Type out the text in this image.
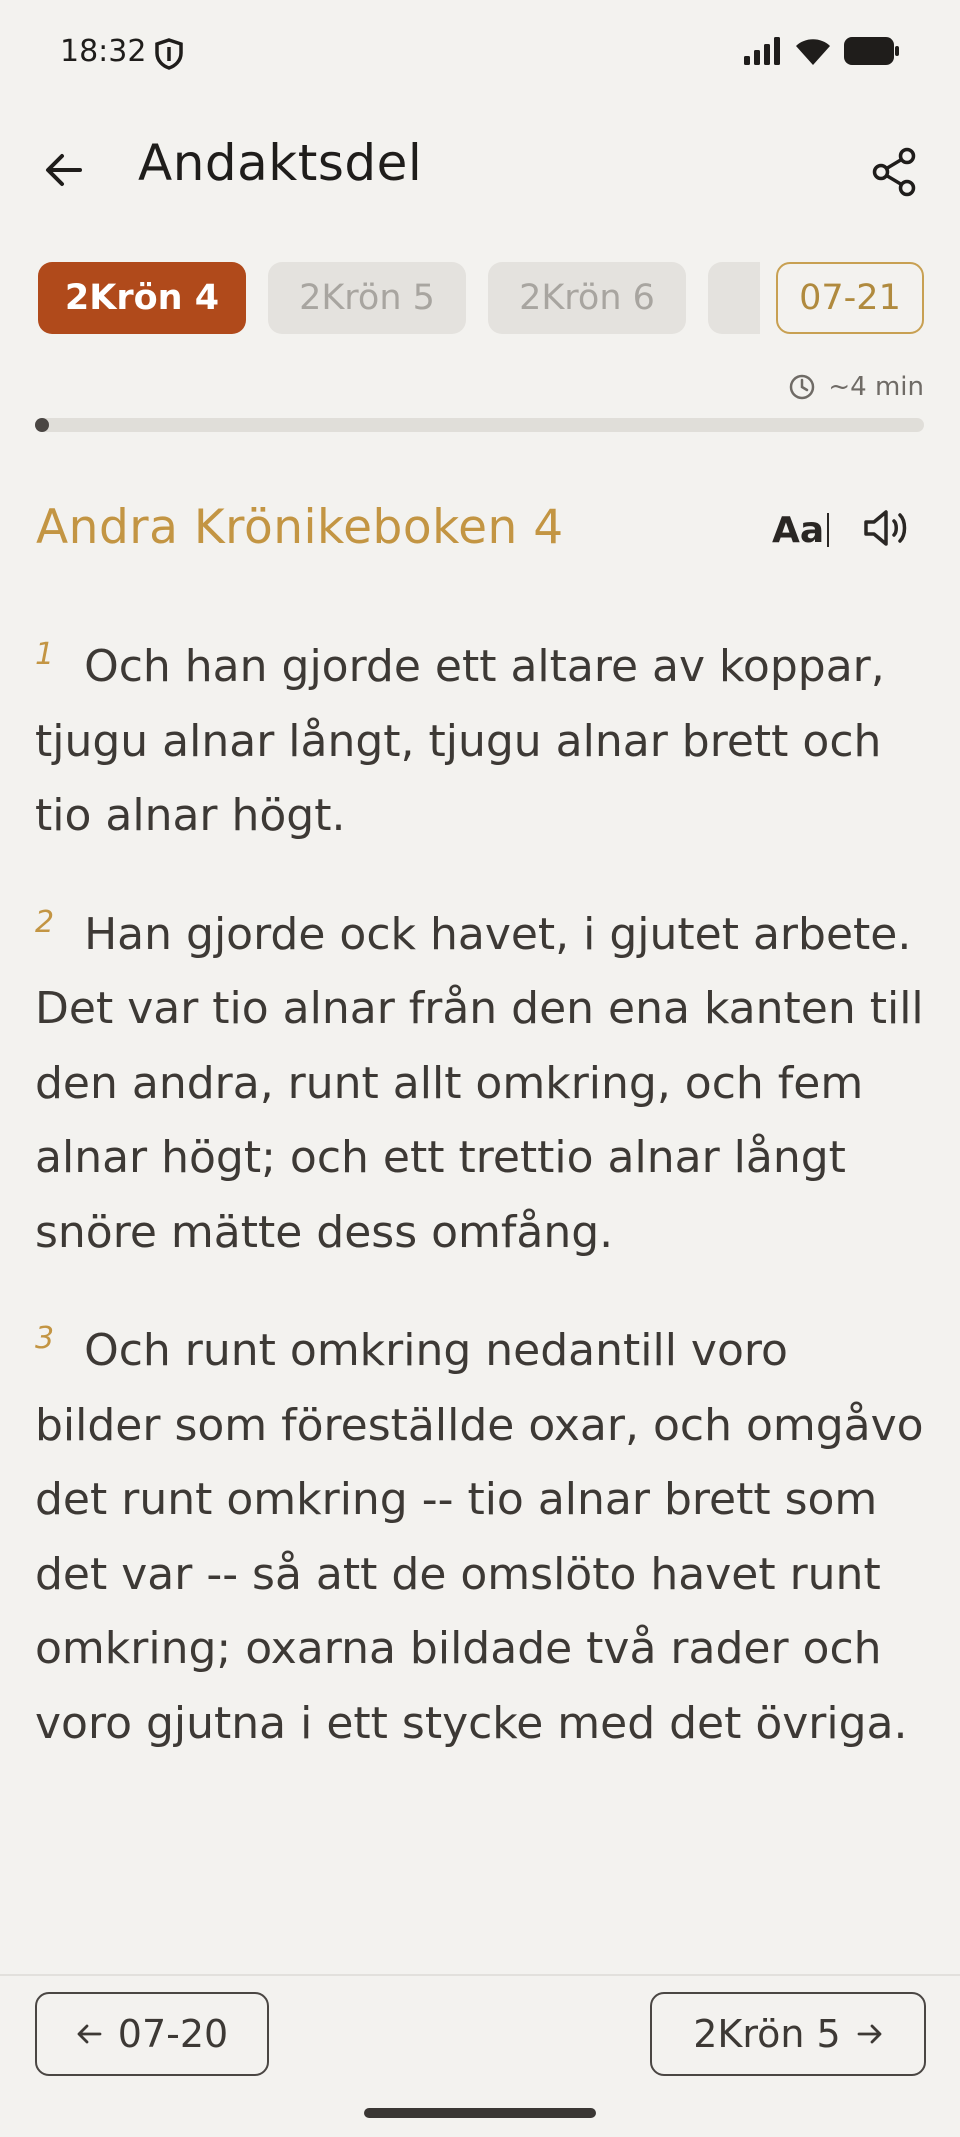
18:32
Andaktsdel
2Krön 4 2Krön 5 2Krön 6	07-21
~4 min
Andra Krönikeboken 4	Aa

1 Och han gjorde ett altare av koppar, tjugu alnar långt, tjugu alnar brett och tio alnar högt.

2 Han gjorde ock havet, i gjutet arbete. Det var tio alnar från den ena kanten till den andra, runt allt omkring, och fem alnar högt; och ett trettio alnar långt snöre mätte dess omfång.

3 Och runt omkring nedantill voro bilder som föreställde oxar, och omgåvo det runt omkring -- tio alnar brett som det var -- så att de omslöto havet runt omkring; oxarna bildade två rader och voro gjutna i ett stycke med det övriga.

07-20	2Krön 5
